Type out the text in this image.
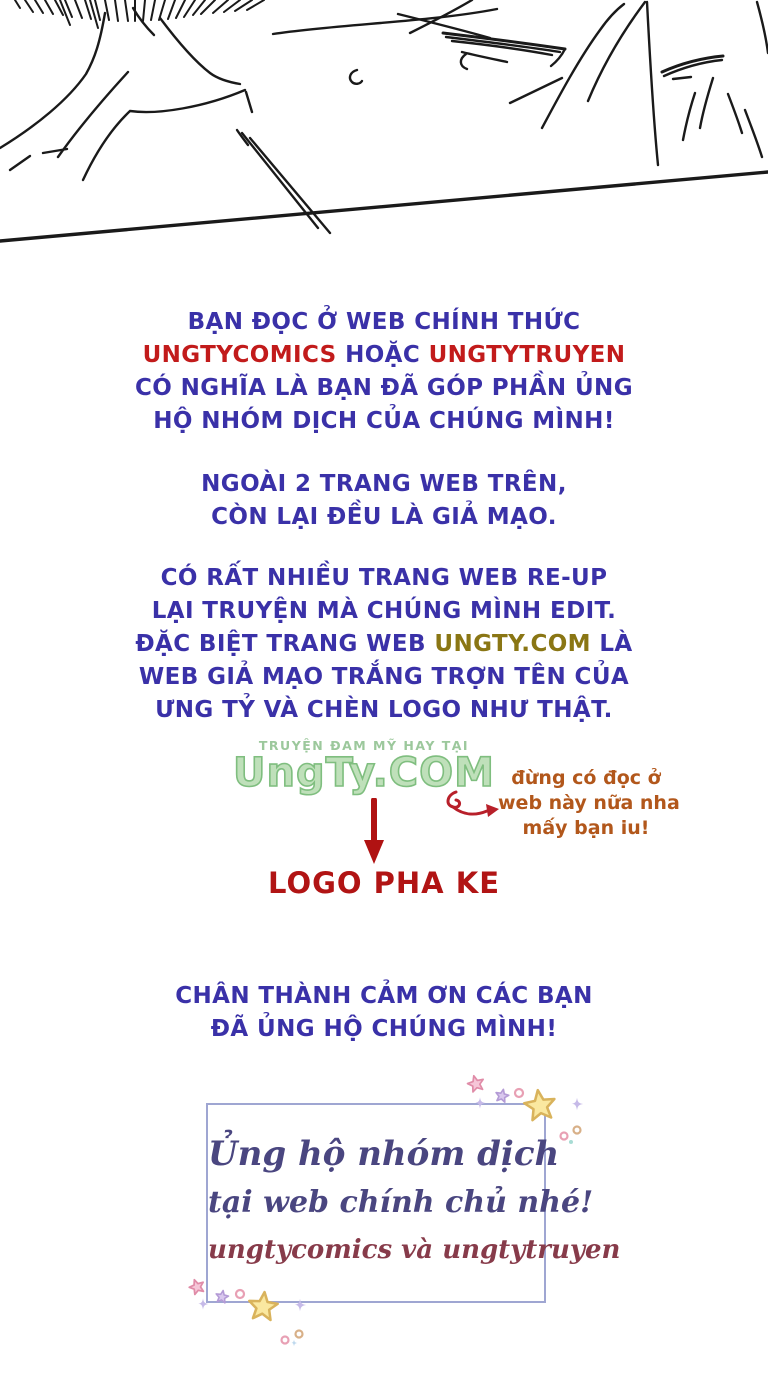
BẠN ĐỌC Ở WEB CHÍNH THỨC
UNGTYCOMICS HOẶC UNGTYTRUYEN
CÓ NGHĨA LÀ BẠN ĐÃ GÓP PHẦN ỦNG
HỘ NHÓM DỊCH CỦA CHÚNG MÌNH!
NGOÀI 2 TRANG WEB TRÊN,
CÒN LẠI ĐỀU LÀ GIẢ MẠO.
CÓ RẤT NHIỀU TRANG WEB RE-UP
LẠI TRUYỆN MÀ CHÚNG MÌNH EDIT.
ĐẶC BIỆT TRANG WEB UNGTY.COM LÀ
WEB GIẢ MẠO TRẮNG TRỢN TÊN CỦA
ƯNG TỶ VÀ CHÈN LOGO NHƯ THẬT.
TRUYỆN ĐAM MỸ HAY TẠI
UngTy.COM đừng có đọc ở
web này nữa nha
mấy bạn iu!
LOGO PHA KE
CHÂN THÀNH CẢM ƠN CÁC BẠN
ĐÃ ỦNG HỘ CHÚNG MÌNH!
Ủng hộ nhóm dịch
tại web chính chủ nhé!
ungtycomics và ungtytruyen
